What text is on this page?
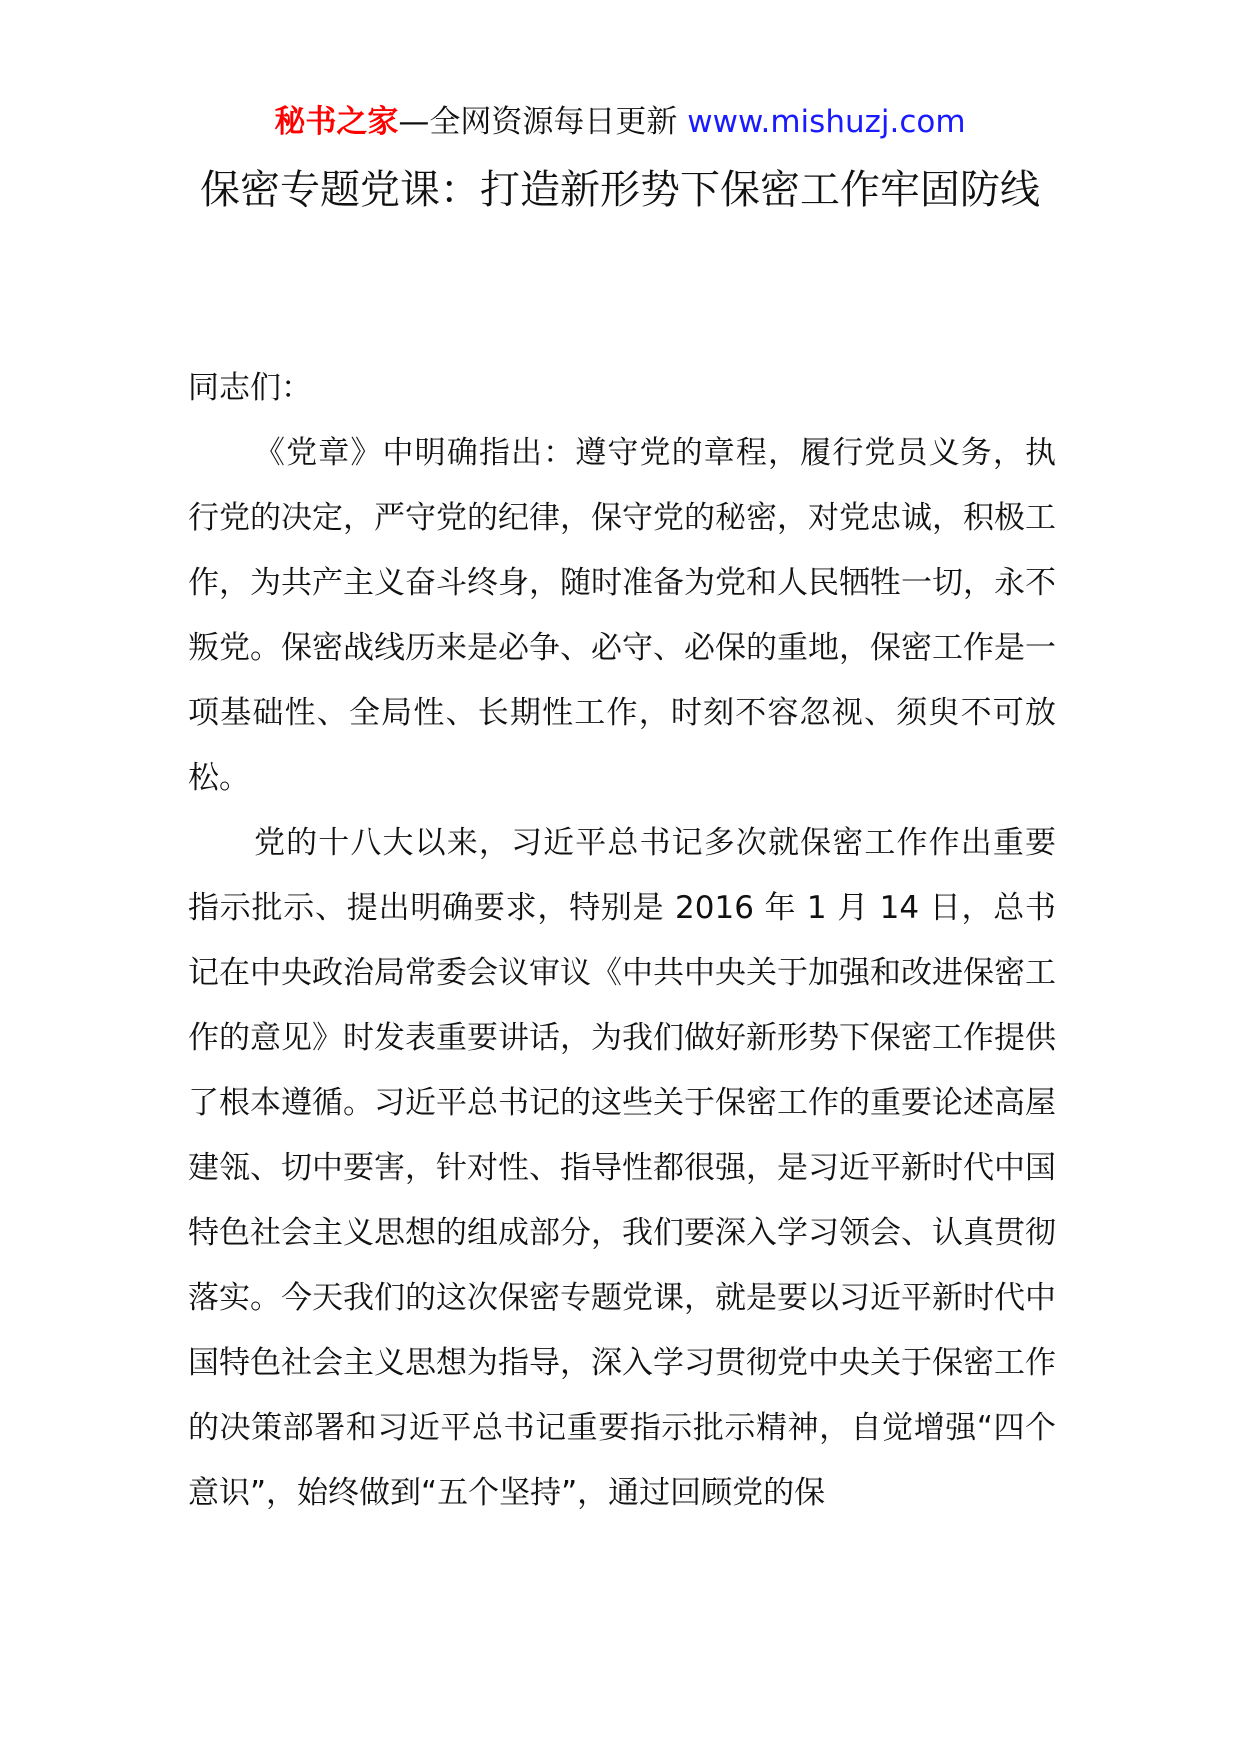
秘书之家—全网资源每日更新 www.mishuzj.com
保密专题党课：打造新形势下保密工作牢固防线

同志们：

《党章》中明确指出：遵守党的章程，履行党员义务，执行党的决定，严守党的纪律，保守党的秘密，对党忠诚，积极工作，为共产主义奋斗终身，随时准备为党和人民牺牲一切，永不叛党。保密战线历来是必争、必守、必保的重地，保密工作是一项基础性、全局性、长期性工作，时刻不容忽视、须臾不可放松。

党的十八大以来，习近平总书记多次就保密工作作出重要指示批示、提出明确要求，特别是 2016 年 1 月 14 日，总书记在中央政治局常委会议审议《中共中央关于加强和改进保密工作的意见》时发表重要讲话，为我们做好新形势下保密工作提供了根本遵循。习近平总书记的这些关于保密工作的重要论述高屋建瓴、切中要害，针对性、指导性都很强，是习近平新时代中国特色社会主义思想的组成部分，我们要深入学习领会、认真贯彻落实。今天我们的这次保密专题党课，就是要以习近平新时代中国特色社会主义思想为指导，深入学习贯彻党中央关于保密工作的决策部署和习近平总书记重要指示批示精神，自觉增强“四个意识”，始终做到“五个坚持”，通过回顾党的保
